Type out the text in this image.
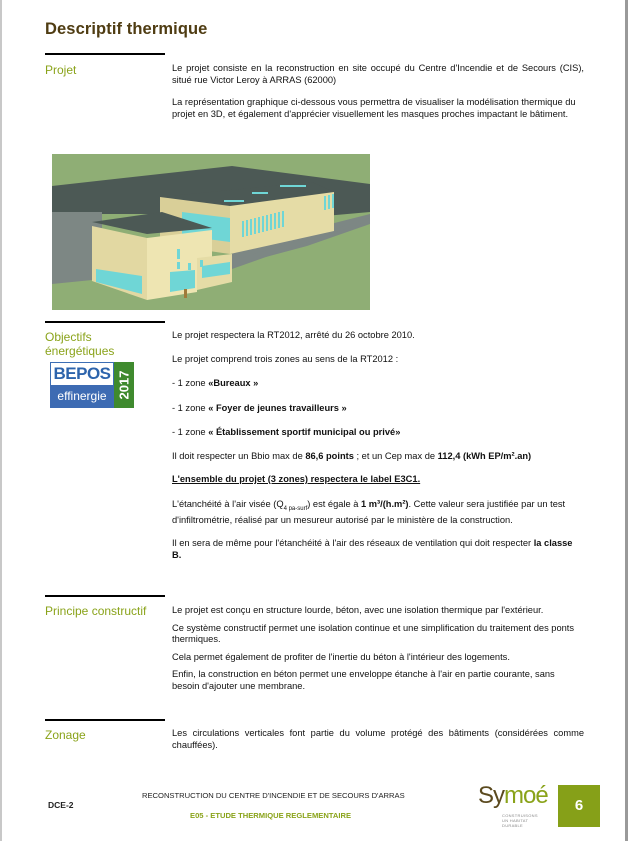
Descriptif thermique
Projet	Le projet consiste en la reconstruction en site occupé du Centre d'Incendie et de Secours (CIS), situé rue Victor Leroy à ARRAS (62000)

La représentation graphique ci-dessous vous permettra de visualiser la modélisation thermique du projet en 3D, et également d'apprécier visuellement les masques proches impactant le bâtiment.

Objectifs
énergétiques
BEPOS
effinergie 2017

Le projet respectera la RT2012, arrêté du 26 octobre 2010.

Le projet comprend trois zones au sens de la RT2012 :

- 1 zone «Bureaux »

- 1 zone « Foyer de jeunes travailleurs »

- 1 zone « Établissement sportif municipal ou privé»

Il doit respecter un Bbio max de 86,6 points ; et un Cep max de 112,4 (kWh EP/m².an)

L'ensemble du projet (3 zones) respectera le label E3C1.

L'étanchéité à l'air visée $(Q_{4 pa-surf})$ est égale à 1 m³/(h.m²). Cette valeur sera justifiée par un test d'infiltrométrie, réalisé par un mesureur autorisé par le ministère de la construction.

Il en sera de même pour l'étanchéité à l'air des réseaux de ventilation qui doit respecter la classe B.

Principe constructif	Le projet est conçu en structure lourde, béton, avec une isolation thermique par l'extérieur.

Ce système constructif permet une isolation continue et une simplification du traitement des ponts thermiques.

Cela permet également de profiter de l'inertie du béton à l'intérieur des logements.

Enfin, la construction en béton permet une enveloppe étanche à l'air en partie courante, sans besoin d'ajouter une membrane.

Zonage	Les circulations verticales font partie du volume protégé des bâtiments (considérées comme chauffées).

DCE-2
RECONSTRUCTION DU CENTRE D'INCENDIE ET DE SECOURS D'ARRAS
E05 - ETUDE THERMIQUE REGLEMENTAIRE
Symoé
CONSTRUISONS
UN HABITAT DURABLE
6
